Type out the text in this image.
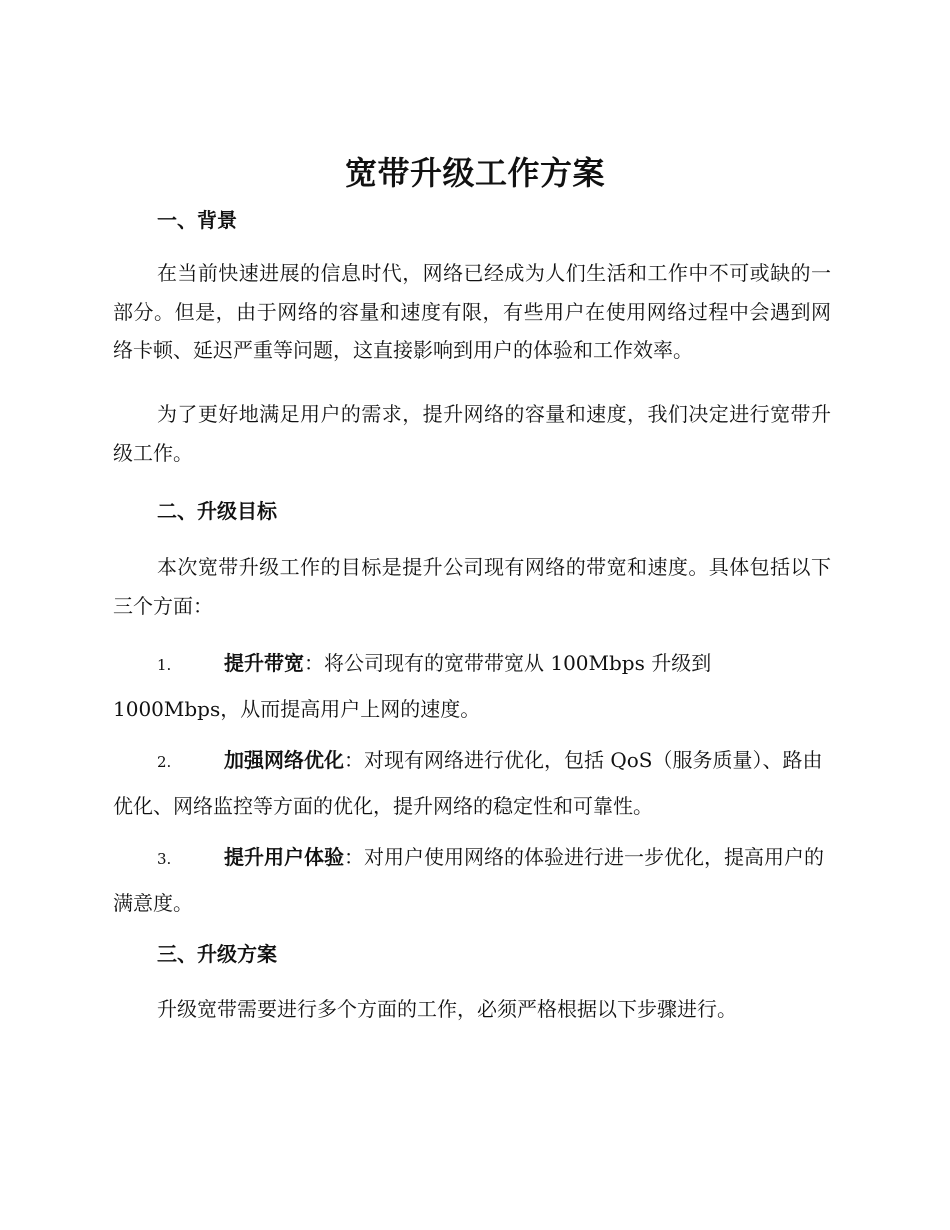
宽带升级工作方案
一、背景

在当前快速进展的信息时代，网络已经成为人们生活和工作中不可或缺的一部分。但是，由于网络的容量和速度有限，有些用户在使用网络过程中会遇到网络卡顿、延迟严重等问题，这直接影响到用户的体验和工作效率。

为了更好地满足用户的需求，提升网络的容量和速度，我们决定进行宽带升级工作。

二、升级目标

本次宽带升级工作的目标是提升公司现有网络的带宽和速度。具体包括以下三个方面：

1.	提升带宽：将公司现有的宽带带宽从 100Mbps 升级到 1000Mbps，从而提高用户上网的速度。

2.	加强网络优化：对现有网络进行优化，包括 QoS（服务质量）、路由优化、网络监控等方面的优化，提升网络的稳定性和可靠性。

3.	提升用户体验：对用户使用网络的体验进行进一步优化，提高用户的满意度。

三、升级方案

升级宽带需要进行多个方面的工作，必须严格根据以下步骤进行。
